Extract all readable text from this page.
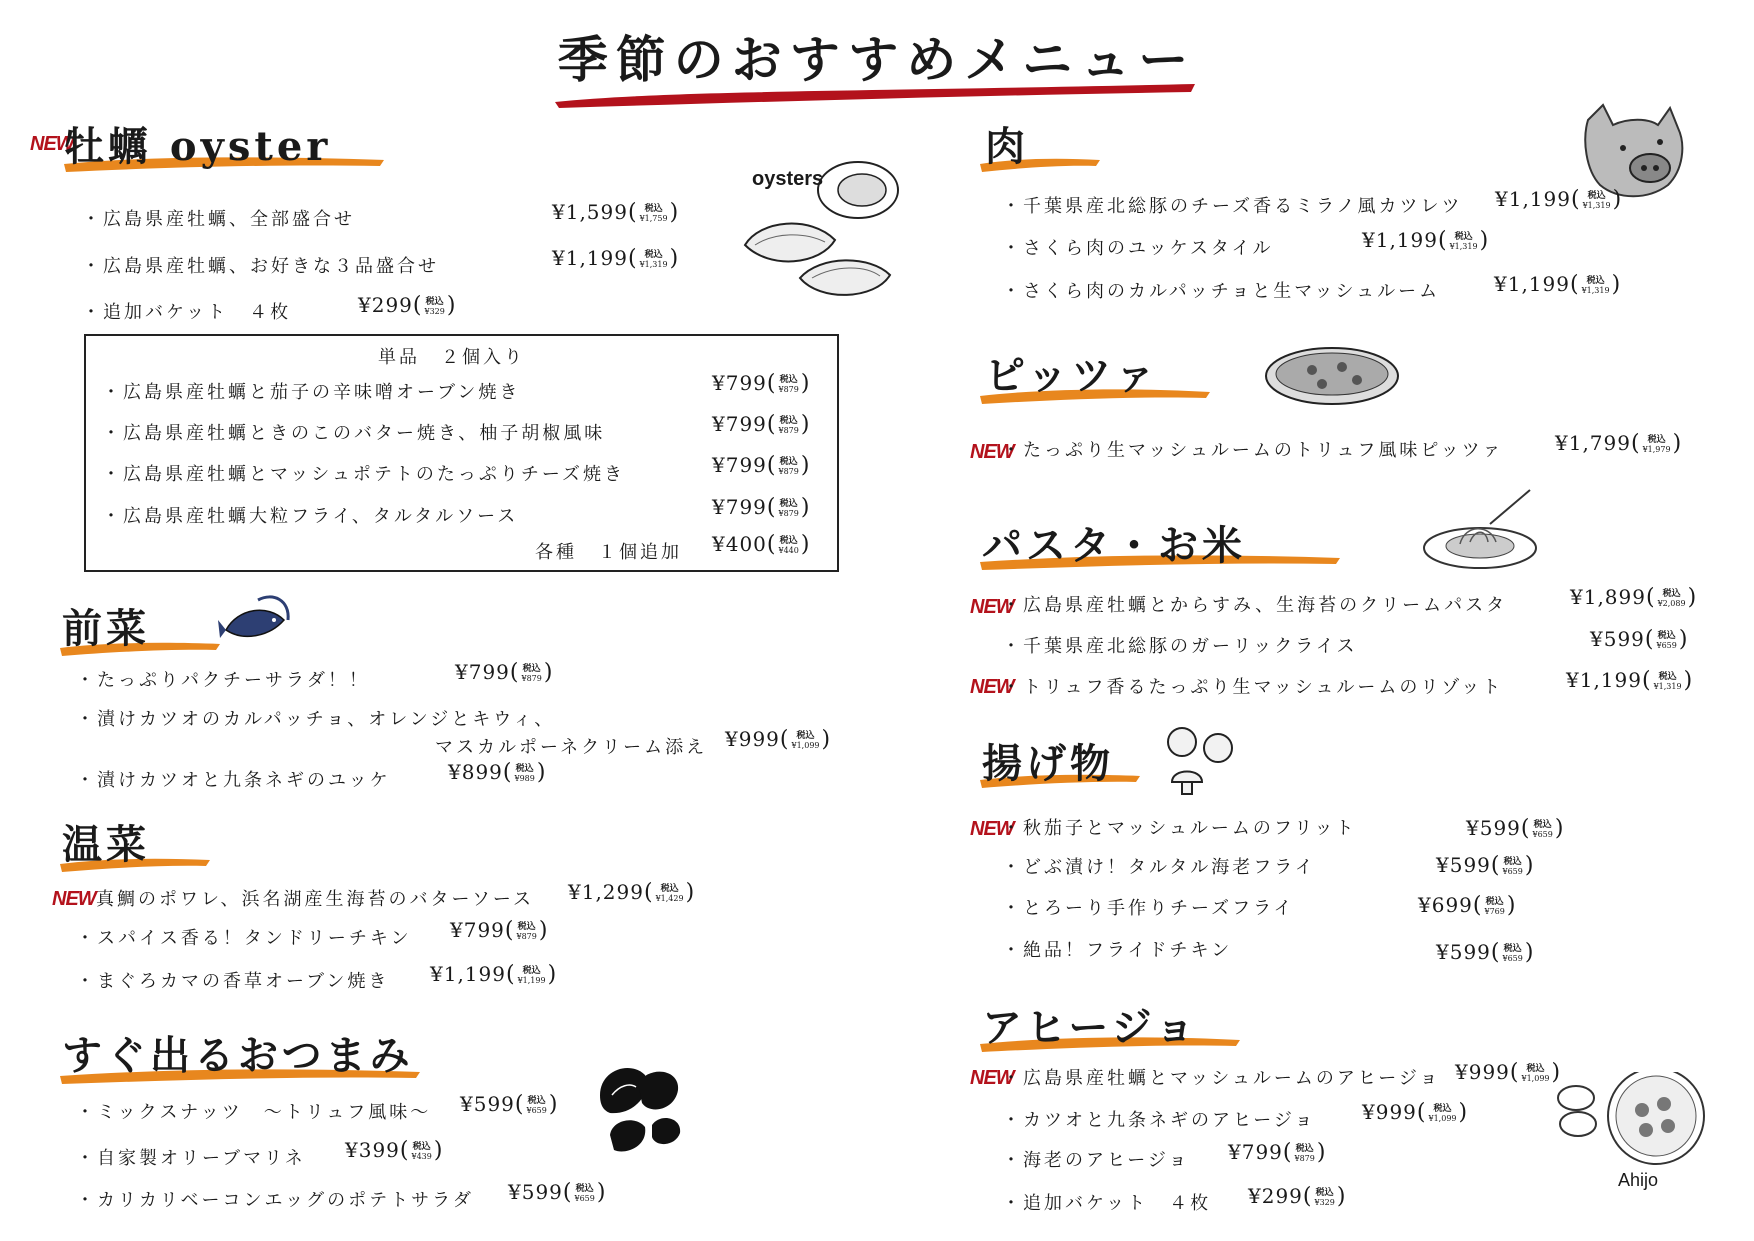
季節のおすすめメニュー
NEW
牡蠣 oyster
・広島県産牡蠣、全部盛合せ	¥1,599( 税込
¥1,759)
・広島県産牡蠣、お好きな３品盛合せ	¥1,199( 税込
¥1,319)
・追加バケット　４枚	¥299( 税込
¥329)
oysters
単品　２個入り
・広島県産牡蠣と茄子の辛味噌オーブン焼き	¥799( 税込
¥879)
・広島県産牡蠣ときのこのバター焼き、柚子胡椒風味	¥799( 税込
¥879)
・広島県産牡蠣とマッシュポテトのたっぷりチーズ焼き	¥799( 税込
¥879)
・広島県産牡蠣大粒フライ、タルタルソース	¥799( 税込
¥879)
各種　１個追加 ¥400( 税込
¥440)
前菜
・たっぷりパクチーサラダ！！	¥799( 税込
¥879)
・漬けカツオのカルパッチョ、オレンジとキウィ、
マスカルポーネクリーム添え ¥999( 税込
¥1,099)
・漬けカツオと九条ネギのユッケ	¥899( 税込
¥989)
温菜
NEW 真鯛のポワレ、浜名湖産生海苔のバターソース ¥1,299( 税込
¥1,429)
・スパイス香る！タンドリーチキン ¥799( 税込
¥879)
・まぐろカマの香草オーブン焼き ¥1,199( 税込
¥1,199)
すぐ出るおつまみ
・ミックスナッツ　～トリュフ風味～ ¥599( 税込
¥659)
・自家製オリーブマリネ ¥399( 税込
¥439)
・カリカリベーコンエッグのポテトサラダ ¥599( 税込
¥659)
肉
・千葉県産北総豚のチーズ香るミラノ風カツレツ ¥1,199( 税込
¥1,319)
・さくら肉のユッケスタイル	¥1,199( 税込
¥1,319)
・さくら肉のカルパッチョと生マッシュルーム	¥1,199( 税込
¥1,319)
ピッツァ
NEW
・たっぷり生マッシュルームのトリュフ風味ピッツァ	¥1,799( 税込
¥1,979)
パスタ・お米
NEW
・広島県産牡蠣とからすみ、生海苔のクリームパスタ	¥1,899( 税込
¥2,089)
・千葉県産北総豚のガーリックライス	¥599( 税込
¥659)
NEW
・トリュフ香るたっぷり生マッシュルームのリゾット	¥1,199( 税込
¥1,319)
揚げ物
NEW
・秋茄子とマッシュルームのフリット	¥599( 税込
¥659)
・どぶ漬け！タルタル海老フライ	¥599( 税込
¥659)
・とろーり手作りチーズフライ	¥699( 税込
¥769)
・絶品！フライドチキン	¥599( 税込
¥659)
アヒージョ
Ahijo
NEW
・広島県産牡蠣とマッシュルームのアヒージョ ¥999( 税込
¥1,099)
・カツオと九条ネギのアヒージョ ¥999( 税込
¥1,099)
・海老のアヒージョ ¥799( 税込
¥879)
・追加バケット　４枚 ¥299( 税込
¥329)
